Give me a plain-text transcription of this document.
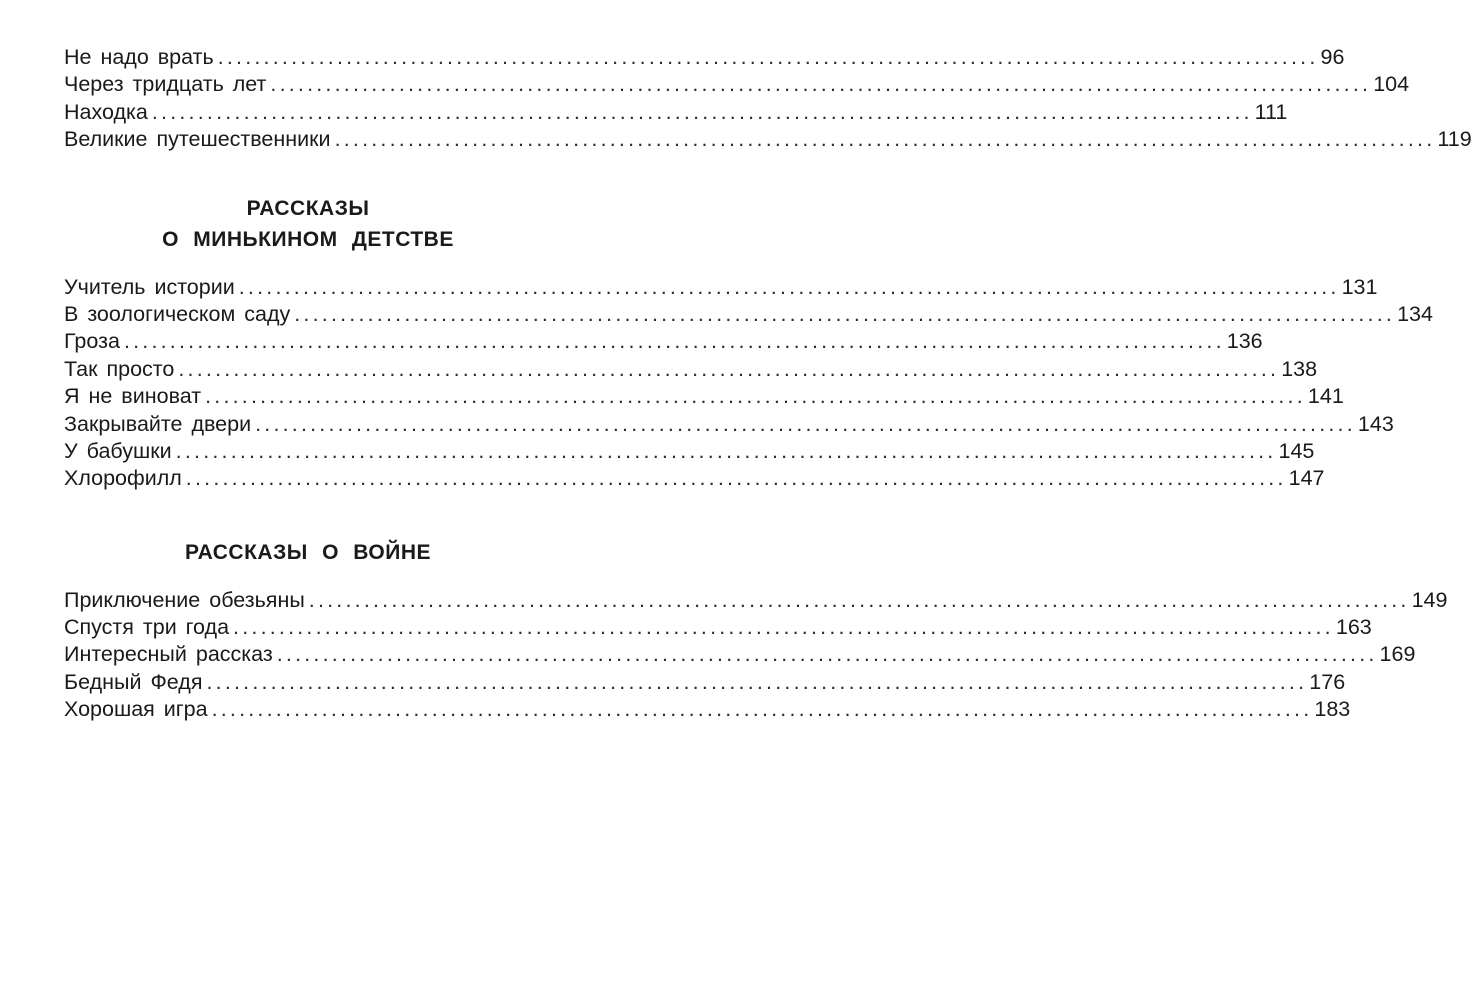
Не надо врать ........................................................................................................................ 96
Через тридцать лет ........................................................................................................................ 104
Находка ........................................................................................................................ 111
Великие путешественники ........................................................................................................................ 119
РАССКАЗЫ
О МИНЬКИНОМ ДЕТСТВЕ
Учитель истории ........................................................................................................................ 131
В зоологическом саду ........................................................................................................................ 134
Гроза ........................................................................................................................ 136
Так просто ........................................................................................................................ 138
Я не виноват ........................................................................................................................ 141
Закрывайте двери ........................................................................................................................ 143
У бабушки ........................................................................................................................ 145
Хлорофилл ........................................................................................................................ 147
РАССКАЗЫ О ВОЙНЕ
Приключение обезьяны ........................................................................................................................ 149
Спустя три года ........................................................................................................................ 163
Интересный рассказ ........................................................................................................................ 169
Бедный Федя ........................................................................................................................ 176
Хорошая игра ........................................................................................................................ 183
